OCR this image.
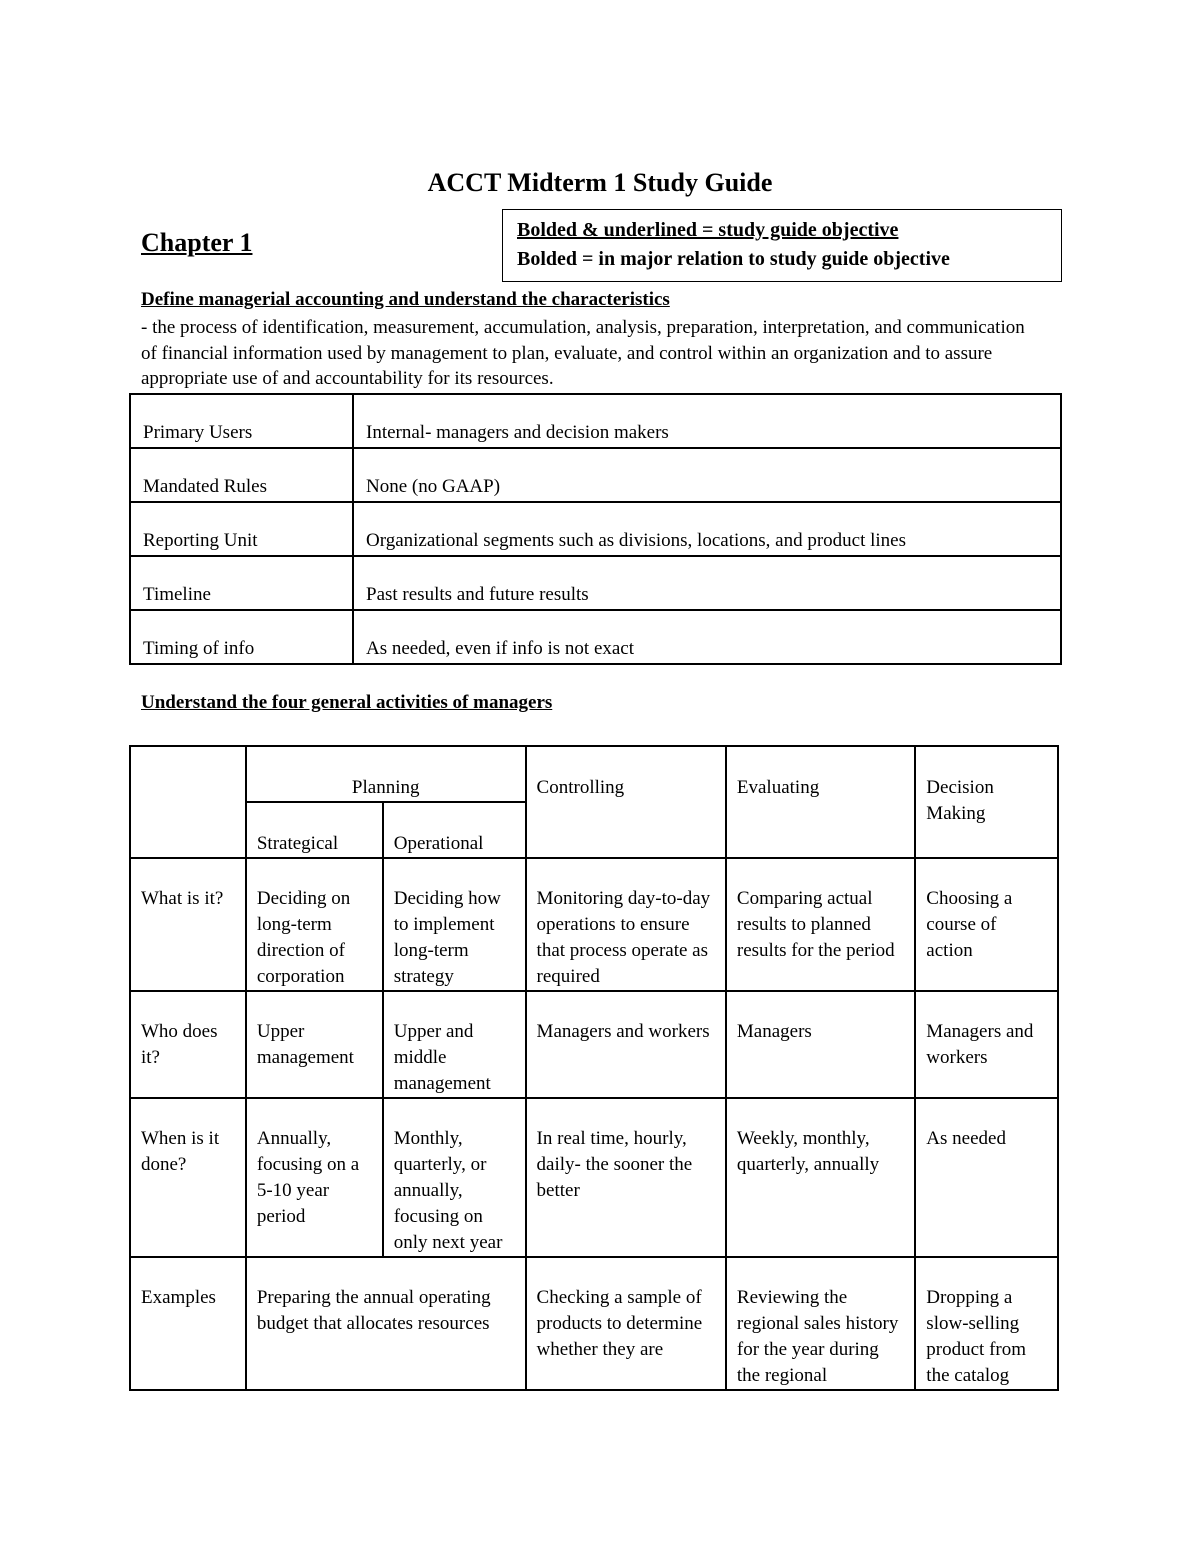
ACCT Midterm 1 Study Guide
Chapter 1	Bolded & underlined = study guide objective
Bolded = in major relation to study guide objective
Define managerial accounting and understand the characteristics
- the process of identification, measurement, accumulation, analysis, preparation, interpretation, and communication of financial information used by management to plan, evaluate, and control within an organization and to assure appropriate use of and accountability for its resources.
Primary Users	Internal- managers and decision makers
Mandated Rules	None (no GAAP)
Reporting Unit	Organizational segments such as divisions, locations, and product lines
Timeline	Past results and future results
Timing of info	As needed, even if info is not exact
Understand the four general activities of managers
	Planning		Controlling	Evaluating	Decision Making
	Strategical	Operational			
What is it?	Deciding on long-term direction of corporation	Deciding how to implement long-term strategy	Monitoring day-to-day operations to ensure that process operate as required	Comparing actual results to planned results for the period	Choosing a course of action
Who does it?	Upper management	Upper and middle management	Managers and workers	Managers	Managers and workers
When is it done?	Annually, focusing on a 5-10 year period	Monthly, quarterly, or annually, focusing on only next year	In real time, hourly, daily- the sooner the better	Weekly, monthly, quarterly, annually	As needed
Examples	Preparing the annual operating budget that allocates resources		Checking a sample of products to determine whether they are	Reviewing the regional sales history for the year during the regional	Dropping a slow-selling product from the catalog
